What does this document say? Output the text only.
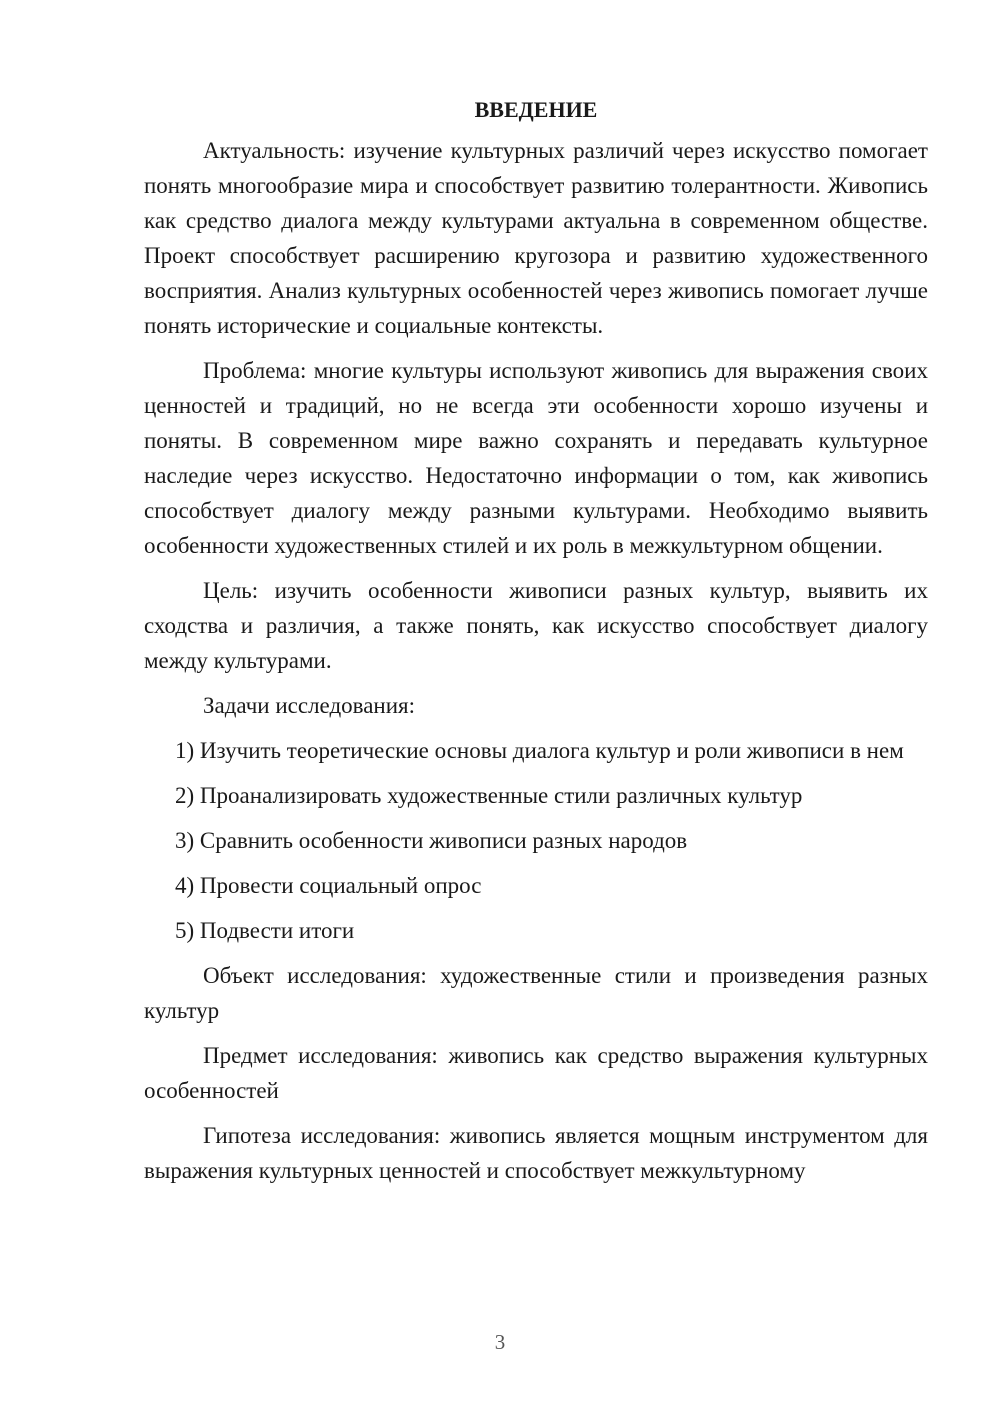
ВВЕДЕНИЕ
Актуальность: изучение культурных различий через искусство помогает понять многообразие мира и способствует развитию толерантности. Живопись как средство диалога между культурами актуальна в современном обществе. Проект способствует расширению кругозора и развитию художественного восприятия. Анализ культурных особенностей через живопись помогает лучше понять исторические и социальные контексты.
Проблема: многие культуры используют живопись для выражения своих ценностей и традиций, но не всегда эти особенности хорошо изучены и поняты. В современном мире важно сохранять и передавать культурное наследие через искусство. Недостаточно информации о том, как живопись способствует диалогу между разными культурами. Необходимо выявить особенности художественных стилей и их роль в межкультурном общении.
Цель: изучить особенности живописи разных культур, выявить их сходства и различия, а также понять, как искусство способствует диалогу между культурами.
Задачи исследования:
1) Изучить теоретические основы диалога культур и роли живописи в нем
2) Проанализировать художественные стили различных культур
3) Сравнить особенности живописи разных народов
4) Провести социальный опрос
5) Подвести итоги
Объект исследования: художественные стили и произведения разных культур
Предмет исследования: живопись как средство выражения культурных особенностей
Гипотеза исследования: живопись является мощным инструментом для выражения культурных ценностей и способствует межкультурному
3
